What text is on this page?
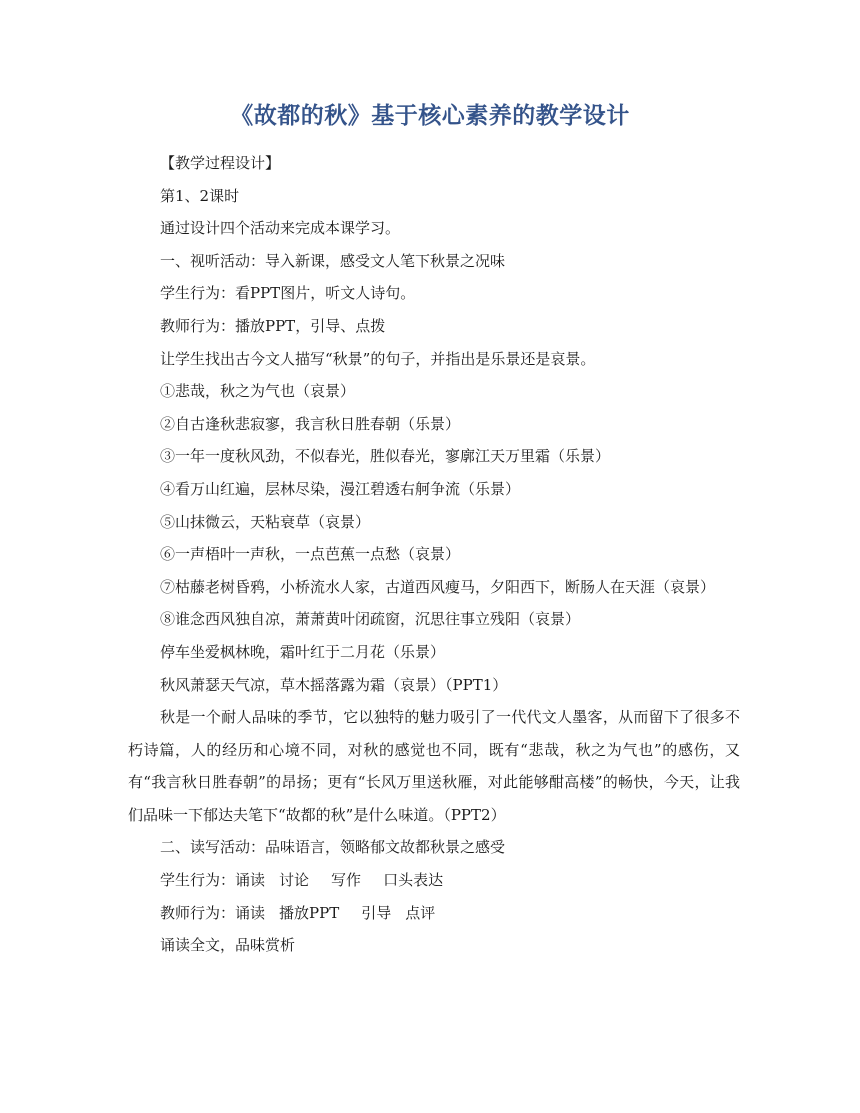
《故都的秋》基于核心素养的教学设计

【教学过程设计】

第1、2课时

通过设计四个活动来完成本课学习。

一、视听活动：导入新课，感受文人笔下秋景之况味

学生行为：看PPT图片，听文人诗句。

教师行为：播放PPT，引导、点拨

让学生找出古今文人描写“秋景”的句子，并指出是乐景还是哀景。

①悲哉，秋之为气也（哀景）

②自古逢秋悲寂寥，我言秋日胜春朝（乐景）

③一年一度秋风劲，不似春光，胜似春光，寥廓江天万里霜（乐景）

④看万山红遍，层林尽染，漫江碧透右舸争流（乐景）

⑤山抹微云，天粘衰草（哀景）

⑥一声梧叶一声秋，一点芭蕉一点愁（哀景）

⑦枯藤老树昏鸦，小桥流水人家，古道西风瘦马，夕阳西下，断肠人在天涯（哀景）

⑧谁念西风独自凉，萧萧黄叶闭疏窗，沉思往事立残阳（哀景）

停车坐爱枫林晚，霜叶红于二月花（乐景）

秋风萧瑟天气凉，草木摇落露为霜（哀景）（PPT1）

秋是一个耐人品味的季节，它以独特的魅力吸引了一代代文人墨客，从而留下了很多不朽诗篇，人的经历和心境不同，对秋的感觉也不同，既有“悲哉，秋之为气也”的感伤，又有“我言秋日胜春朝”的昂扬；更有“长风万里送秋雁，对此能够酣高楼”的畅快，今天，让我们品味一下郁达夫笔下“故都的秋”是什么味道。（PPT2）

二、读写活动：品味语言，领略郁文故都秋景之感受

学生行为：诵读 讨论 写作 口头表达

教师行为：诵读 播放PPT 引导 点评

诵读全文，品味赏析
